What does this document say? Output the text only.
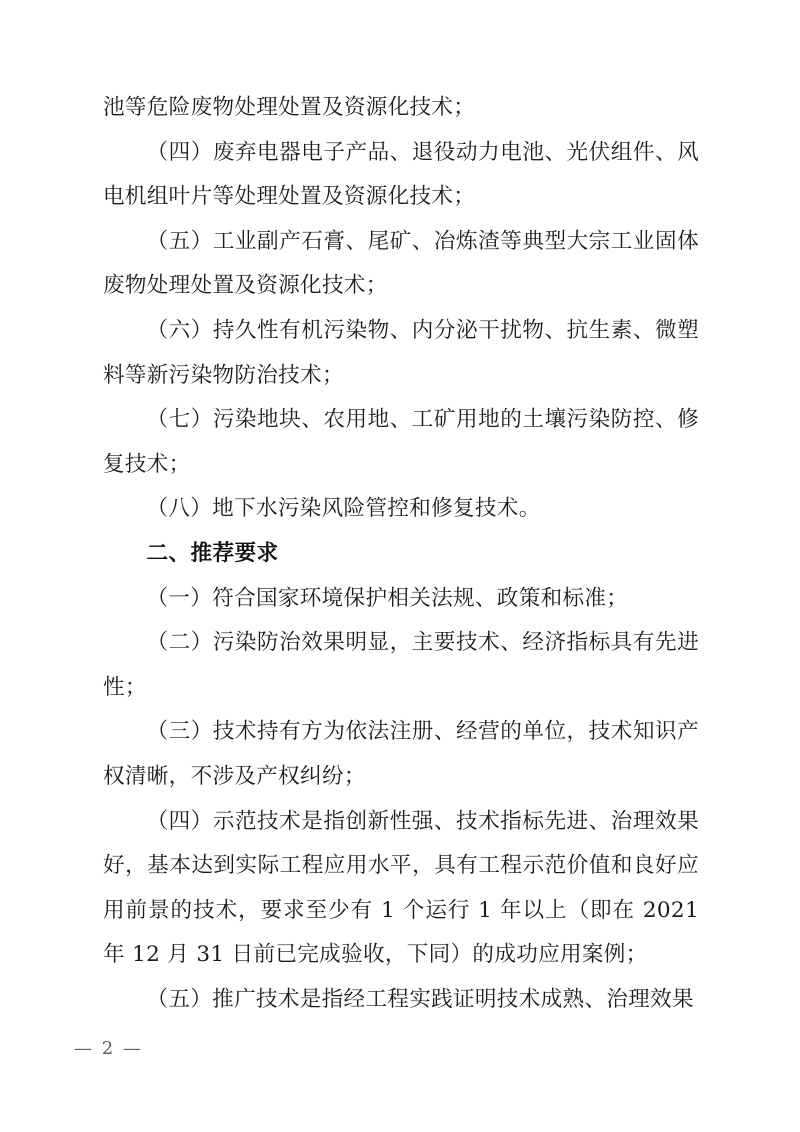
池等危险废物处理处置及资源化技术；

（四）废弃电器电子产品、退役动力电池、光伏组件、风电机组叶片等处理处置及资源化技术；

（五）工业副产石膏、尾矿、冶炼渣等典型大宗工业固体废物处理处置及资源化技术；

（六）持久性有机污染物、内分泌干扰物、抗生素、微塑料等新污染物防治技术；

（七）污染地块、农用地、工矿用地的土壤污染防控、修复技术；

（八）地下水污染风险管控和修复技术。

二、推荐要求

（一）符合国家环境保护相关法规、政策和标准；

（二）污染防治效果明显，主要技术、经济指标具有先进性；

（三）技术持有方为依法注册、经营的单位，技术知识产权清晰，不涉及产权纠纷；

（四）示范技术是指创新性强、技术指标先进、治理效果好，基本达到实际工程应用水平，具有工程示范价值和良好应用前景的技术，要求至少有 1 个运行 1 年以上（即在 2021 年 12 月 31 日前已完成验收，下同）的成功应用案例；

（五）推广技术是指经工程实践证明技术成熟、治理效果

— 2 —
